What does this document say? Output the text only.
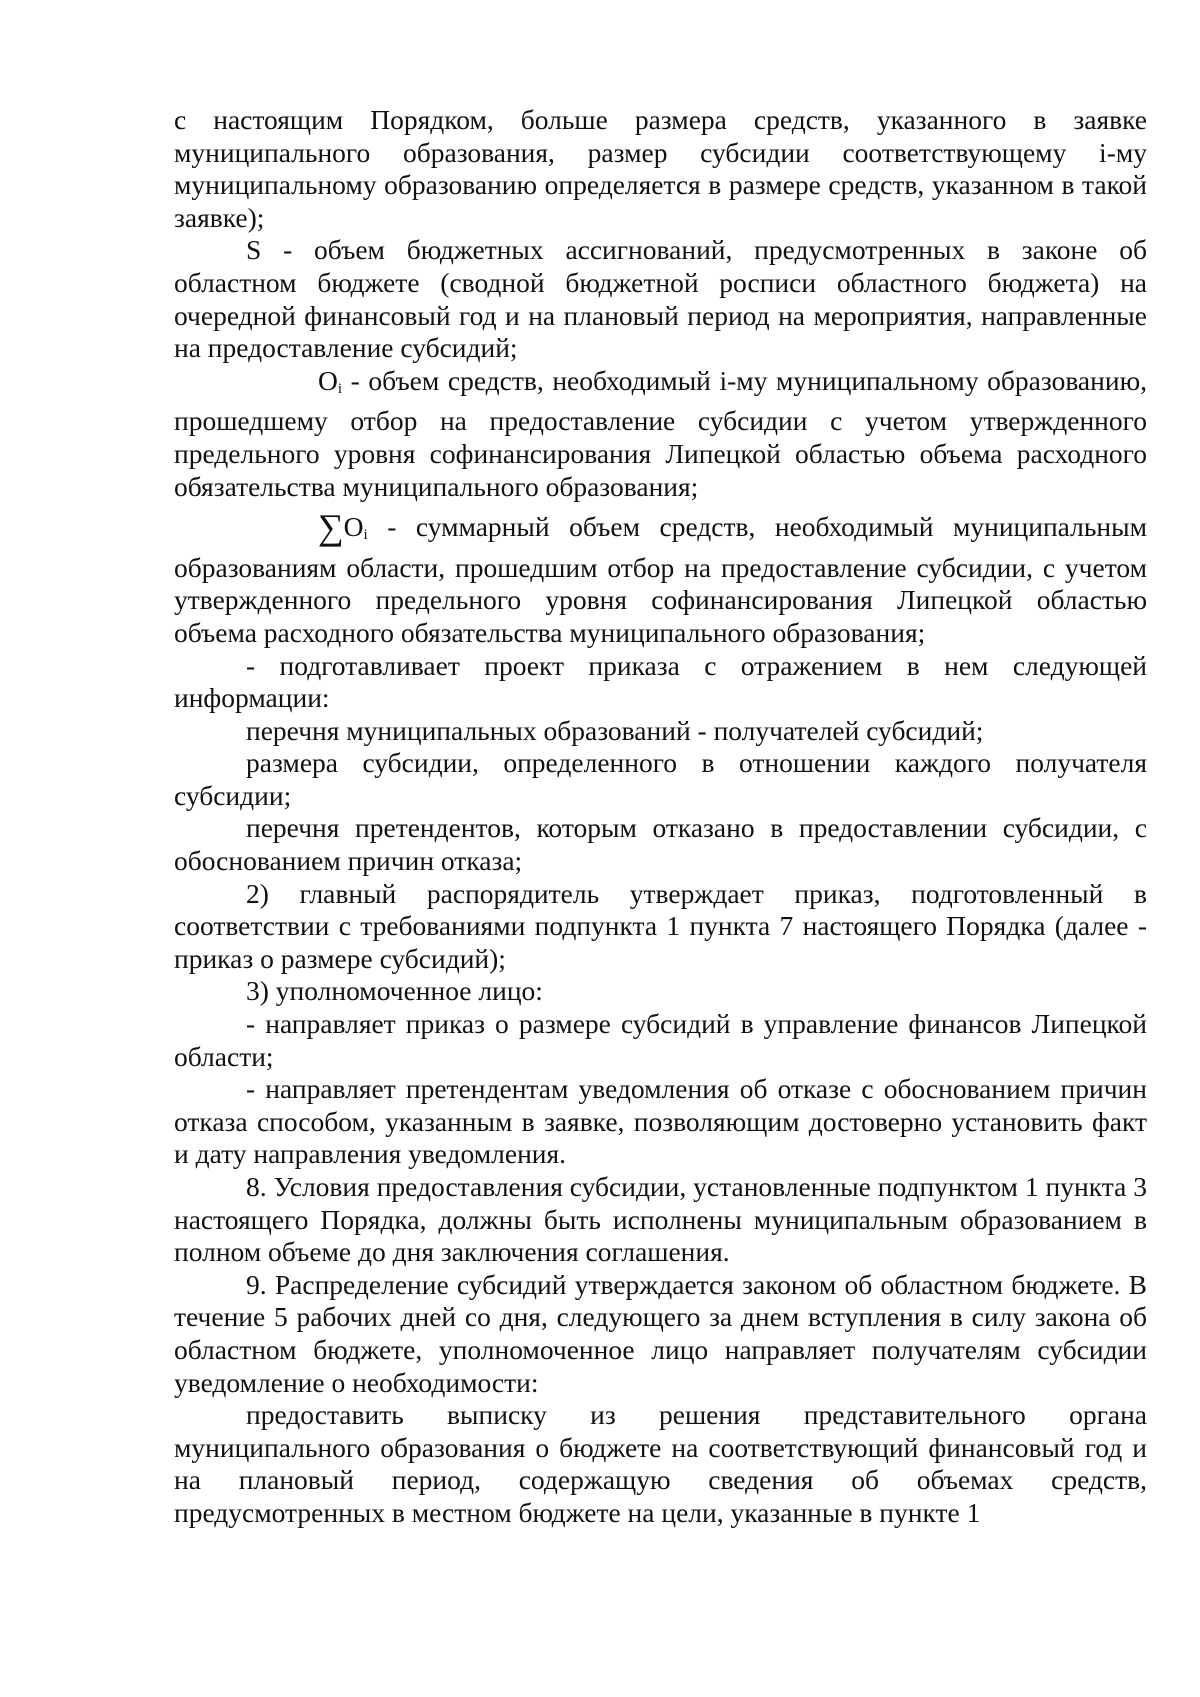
с настоящим Порядком, больше размера средств, указанного в заявке муниципального образования, размер субсидии соответствующему i-му муниципальному образованию определяется в размере средств, указанном в такой заявке);

S - объем бюджетных ассигнований, предусмотренных в законе об областном бюджете (сводной бюджетной росписи областного бюджета) на очередной финансовый год и на плановый период на мероприятия, направленные на предоставление субсидий;

$O_i$ - объем средств, необходимый i-му муниципальному образованию, прошедшему отбор на предоставление субсидии с учетом утвержденного предельного уровня софинансирования Липецкой областью объема расходного обязательства муниципального образования;

$\sum O_i$ - суммарный объем средств, необходимый муниципальным образованиям области, прошедшим отбор на предоставление субсидии, с учетом утвержденного предельного уровня софинансирования Липецкой областью объема расходного обязательства муниципального образования;

- подготавливает проект приказа с отражением в нем следующей информации:

перечня муниципальных образований - получателей субсидий;

размера субсидии, определенного в отношении каждого получателя субсидии;

перечня претендентов, которым отказано в предоставлении субсидии, с обоснованием причин отказа;

2) главный распорядитель утверждает приказ, подготовленный в соответствии с требованиями подпункта 1 пункта 7 настоящего Порядка (далее - приказ о размере субсидий);

3) уполномоченное лицо:

- направляет приказ о размере субсидий в управление финансов Липецкой области;

- направляет претендентам уведомления об отказе с обоснованием причин отказа способом, указанным в заявке, позволяющим достоверно установить факт и дату направления уведомления.

8. Условия предоставления субсидии, установленные подпунктом 1 пункта 3 настоящего Порядка, должны быть исполнены муниципальным образованием в полном объеме до дня заключения соглашения.

9. Распределение субсидий утверждается законом об областном бюджете. В течение 5 рабочих дней со дня, следующего за днем вступления в силу закона об областном бюджете, уполномоченное лицо направляет получателям субсидии уведомление о необходимости:

предоставить выписку из решения представительного органа муниципального образования о бюджете на соответствующий финансовый год и на плановый период, содержащую сведения об объемах средств, предусмотренных в местном бюджете на цели, указанные в пункте 1
